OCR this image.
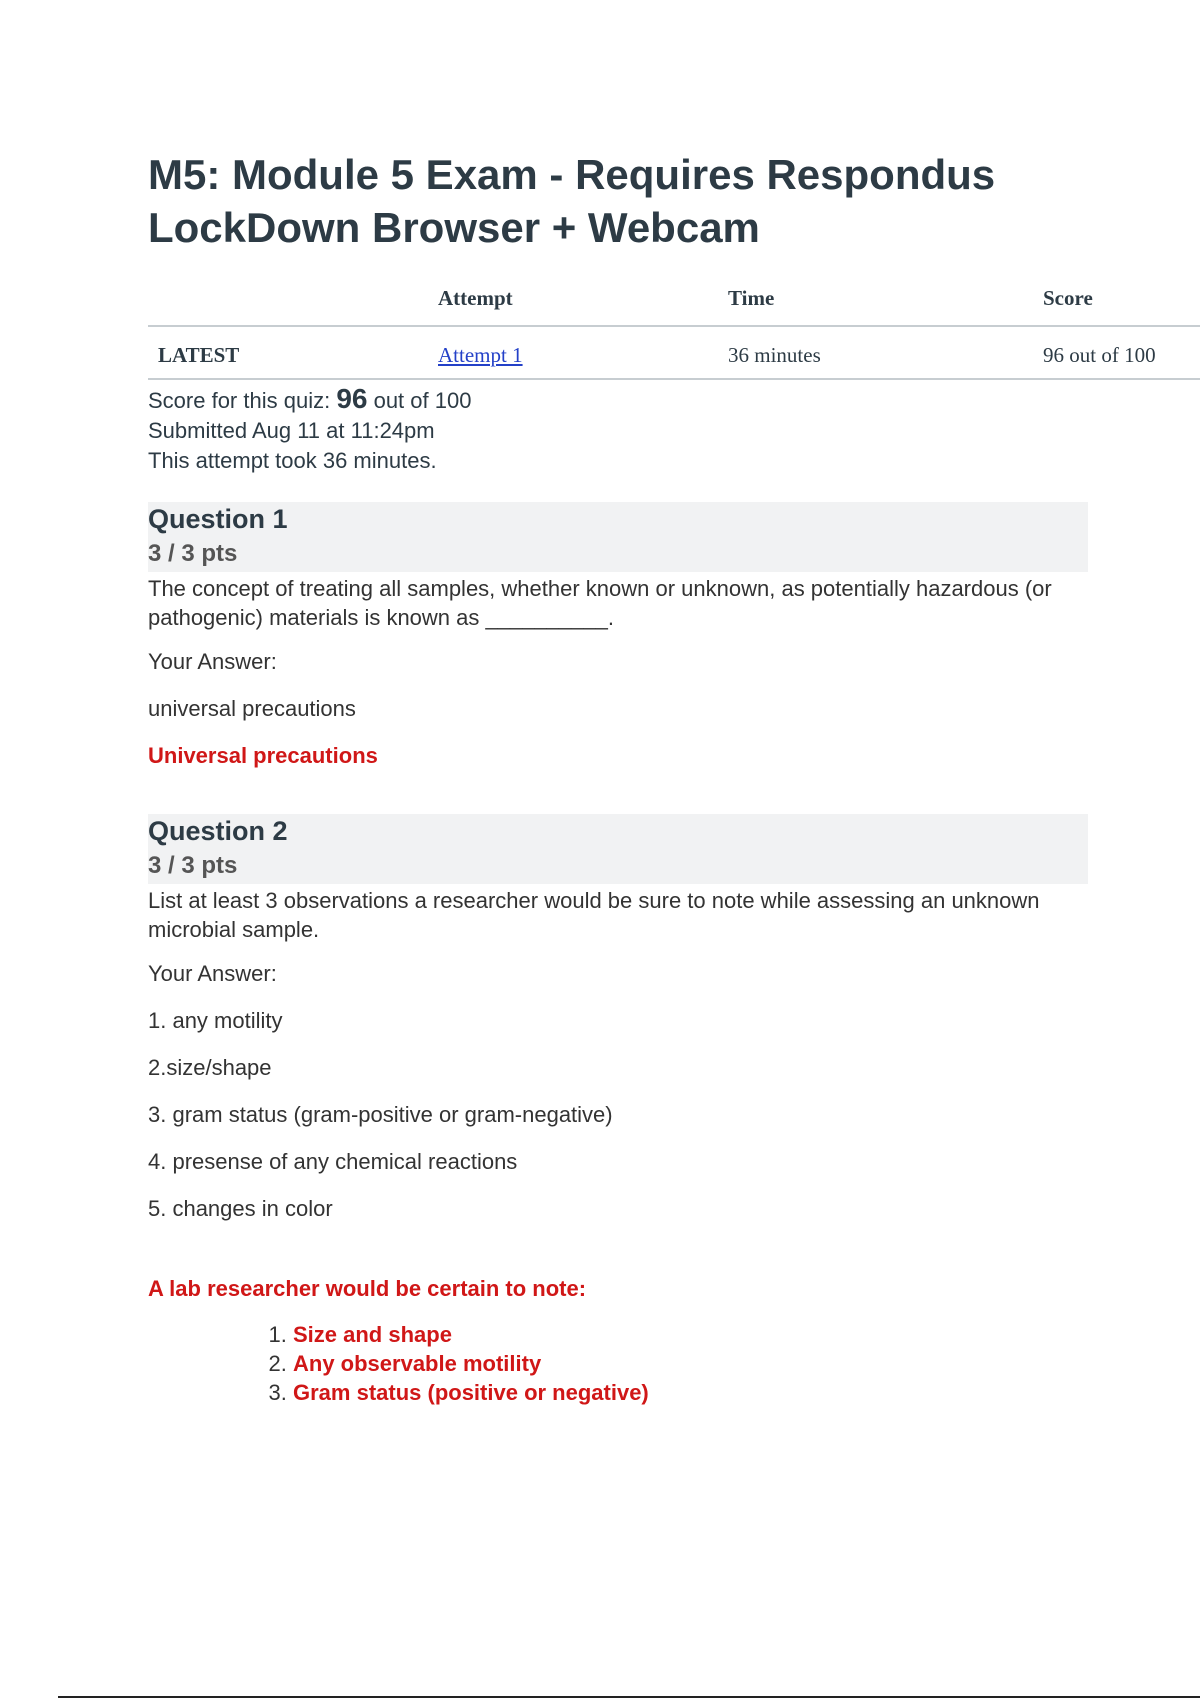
M5: Module 5 Exam - Requires Respondus LockDown Browser + Webcam
	Attempt	Time	Score
LATEST	Attempt 1	36 minutes	96 out of 100
Score for this quiz: 96 out of 100
Submitted Aug 11 at 11:24pm
This attempt took 36 minutes.
Question 1
3 / 3 pts
The concept of treating all samples, whether known or unknown, as potentially hazardous (or pathogenic) materials is known as __________.
Your Answer:
universal precautions
Universal precautions
Question 2
3 / 3 pts
List at least 3 observations a researcher would be sure to note while assessing an unknown microbial sample.
Your Answer:
1. any motility
2.size/shape
3. gram status (gram-positive or gram-negative)
4. presense of any chemical reactions
5. changes in color
A lab researcher would be certain to note:
1. Size and shape
2. Any observable motility
3. Gram status (positive or negative)
